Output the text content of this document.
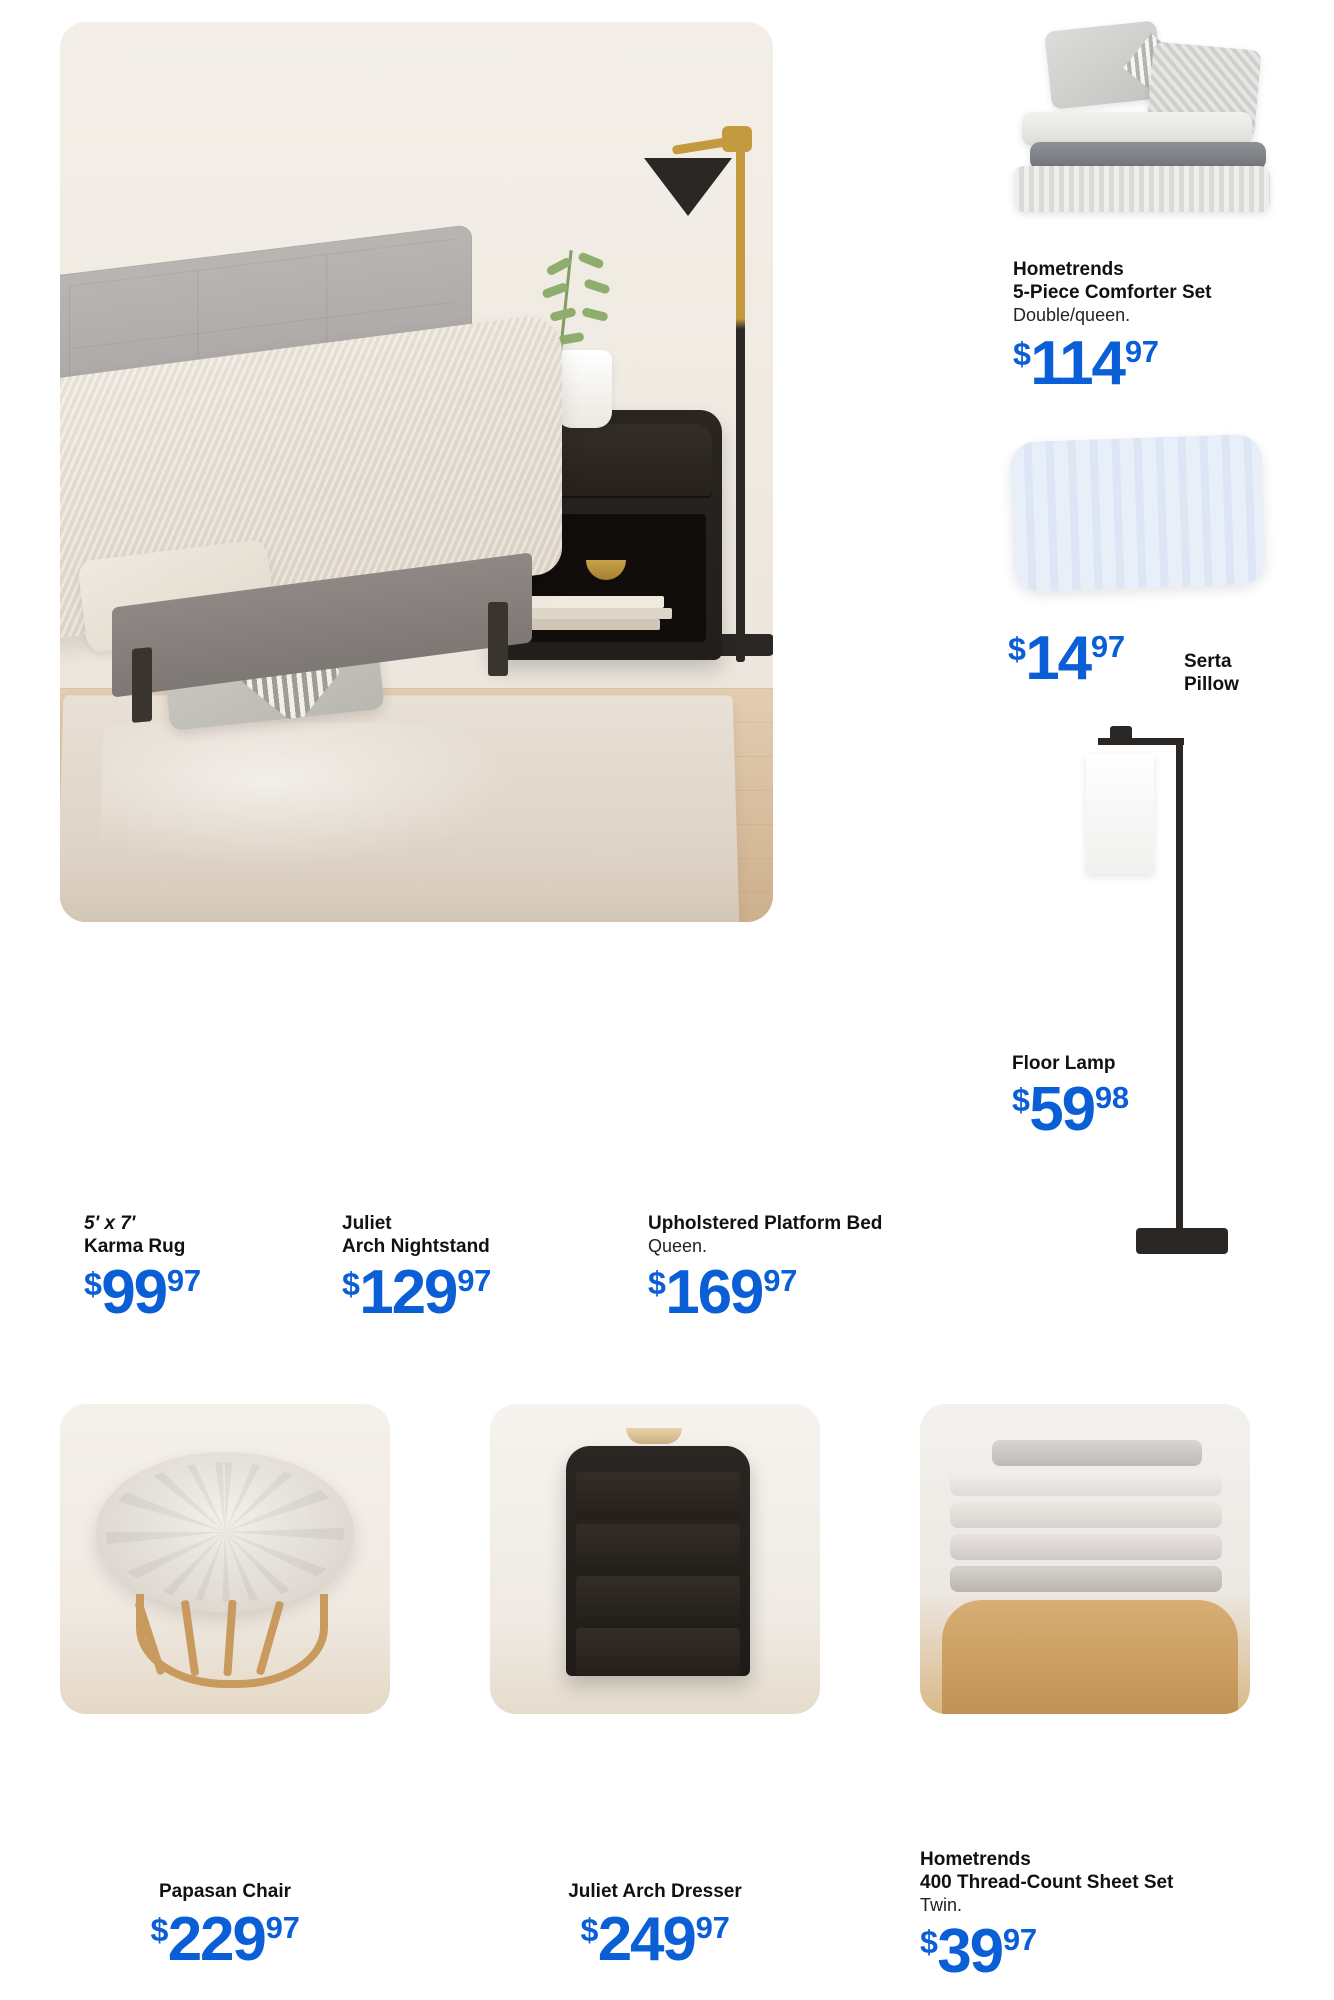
Hometrends
5-Piece Comforter Set
Double/queen.
$^{\$}114^{97}$
$^{\$}14^{97}$	Serta
Pillow
Floor Lamp
$^{\$}59^{98}$
5' x 7'
Karma Rug
$^{\$}99^{97}$
Juliet
Arch Nightstand
$^{\$}129^{97}$
Upholstered Platform Bed
Queen.
$^{\$}169^{97}$
Papasan Chair
$^{\$}229^{97}$
Juliet Arch Dresser
$^{\$}249^{97}$
Hometrends
400 Thread-Count Sheet Set
Twin.
$^{\$}39^{97}$
